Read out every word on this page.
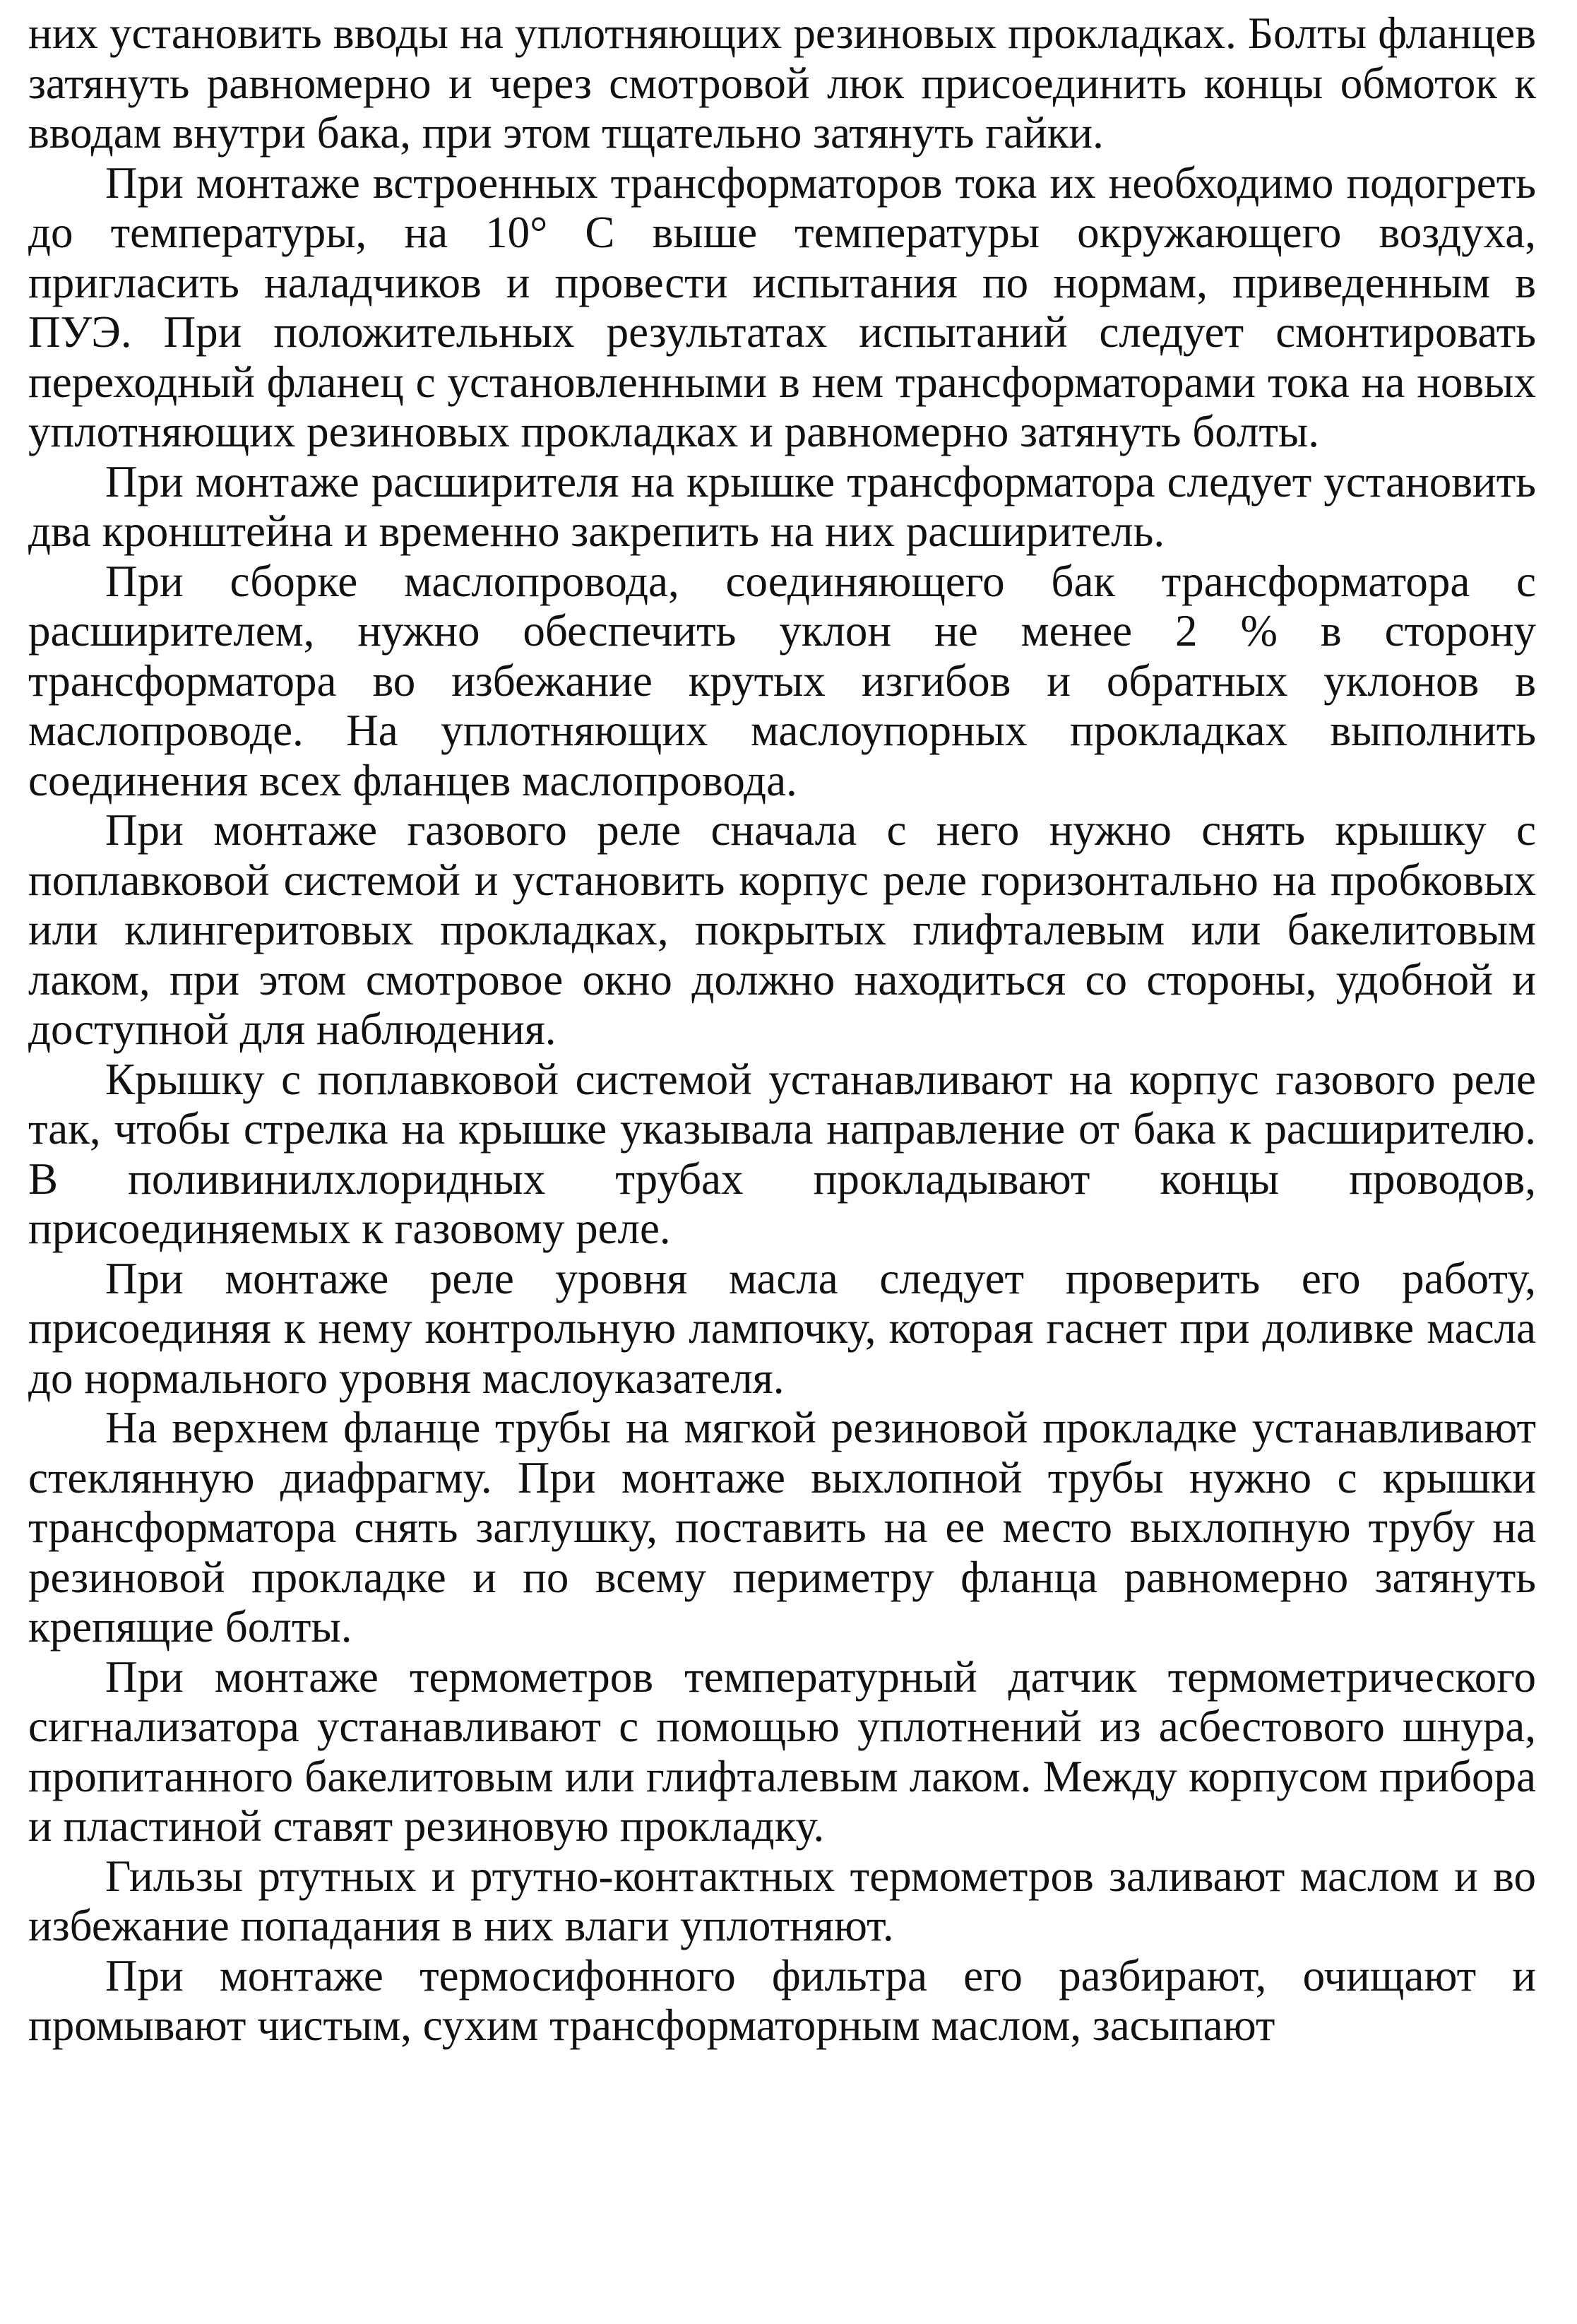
них установить вводы на уплотняющих резиновых прокладках. Болты фланцев затянуть равномерно и через смотровой люк присоединить концы обмоток к вводам внутри бака, при этом тщательно затянуть гайки.

При монтаже встроенных трансформаторов тока их необходимо подогреть до температуры, на 10° С выше температуры окружающего воздуха, пригласить наладчиков и провести испытания по нормам, приведенным в ПУЭ. При положительных результатах испытаний следует смонтировать переходный фланец с установленными в нем трансформаторами тока на новых уплотняющих резиновых прокладках и равномерно затянуть болты.

При монтаже расширителя на крышке трансформатора следует установить два кронштейна и временно закрепить на них расширитель.

При сборке маслопровода, соединяющего бак трансформатора с расширителем, нужно обеспечить уклон не менее 2 % в сторону трансформатора во избежание крутых изгибов и обратных уклонов в маслопроводе. На уплотняющих маслоупорных прокладках выполнить соединения всех фланцев маслопровода.

При монтаже газового реле сначала с него нужно снять крышку с поплавковой системой и установить корпус реле горизонтально на пробковых или клингеритовых прокладках, покрытых глифталевым или бакелитовым лаком, при этом смотровое окно должно находиться со стороны, удобной и доступной для наблюдения.

Крышку с поплавковой системой устанавливают на корпус газового реле так, чтобы стрелка на крышке указывала направление от бака к расширителю. В поливинилхлоридных трубах прокладывают концы проводов, присоединяемых к газовому реле.

При монтаже реле уровня масла следует проверить его работу, присоединяя к нему контрольную лампочку, которая гаснет при доливке масла до нормального уровня маслоуказателя.

На верхнем фланце трубы на мягкой резиновой прокладке устанавливают стеклянную диафрагму. При монтаже выхлопной трубы нужно с крышки трансформатора снять заглушку, поставить на ее место выхлопную трубу на резиновой прокладке и по всему периметру фланца равномерно затянуть крепящие болты.

При монтаже термометров температурный датчик термометрического сигнализатора устанавливают с помощью уплотнений из асбестового шнура, пропитанного бакелитовым или глифталевым лаком. Между корпусом прибора и пластиной ставят резиновую прокладку.

Гильзы ртутных и ртутно-контактных термометров заливают маслом и во избежание попадания в них влаги уплотняют.

При монтаже термосифонного фильтра его разбирают, очищают и промывают чистым, сухим трансформаторным маслом, засыпают
